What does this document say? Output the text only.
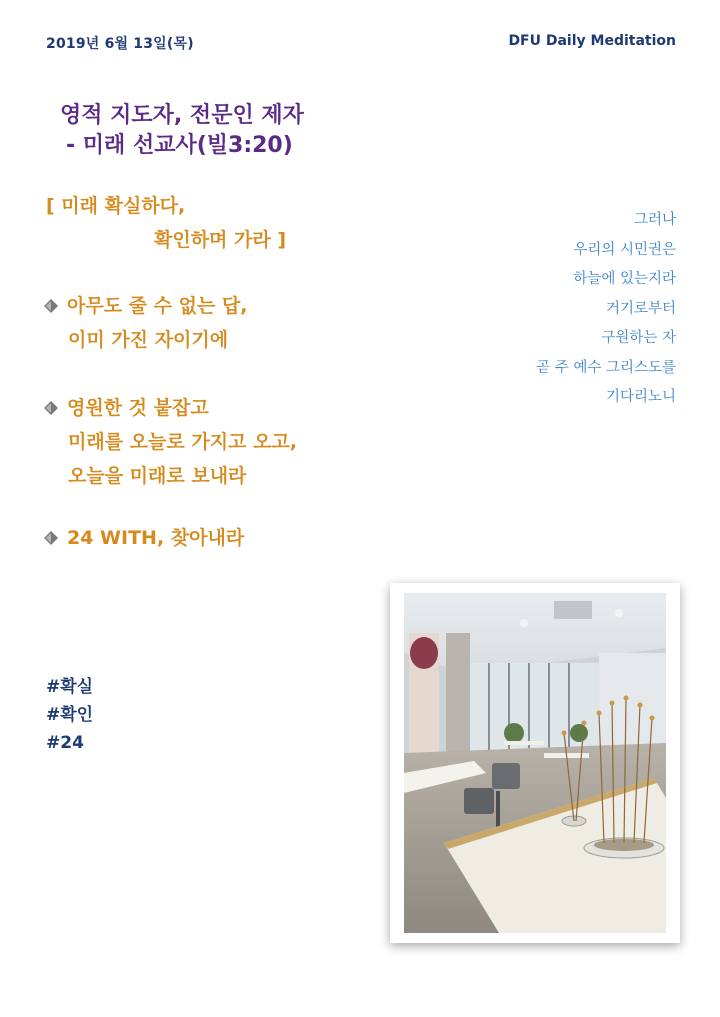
2019년 6월 13일(목)	DFU Daily Meditation
영적 지도자, 전문인 제자
- 미래 선교사(빌3:20)
[ 미래 확실하다,
확인하며 가라 ]
아무도 줄 수 없는 답,
이미 가진 자이기에
영원한 것 붙잡고
미래를 오늘로 가지고 오고,
오늘을 미래로 보내라
24 WITH, 찾아내라
그러나
우리의 시민권은
하늘에 있는지라
거기로부터
구원하는 자
곧 주 예수 그리스도를
기다리노니
#확실
#확인
#24
